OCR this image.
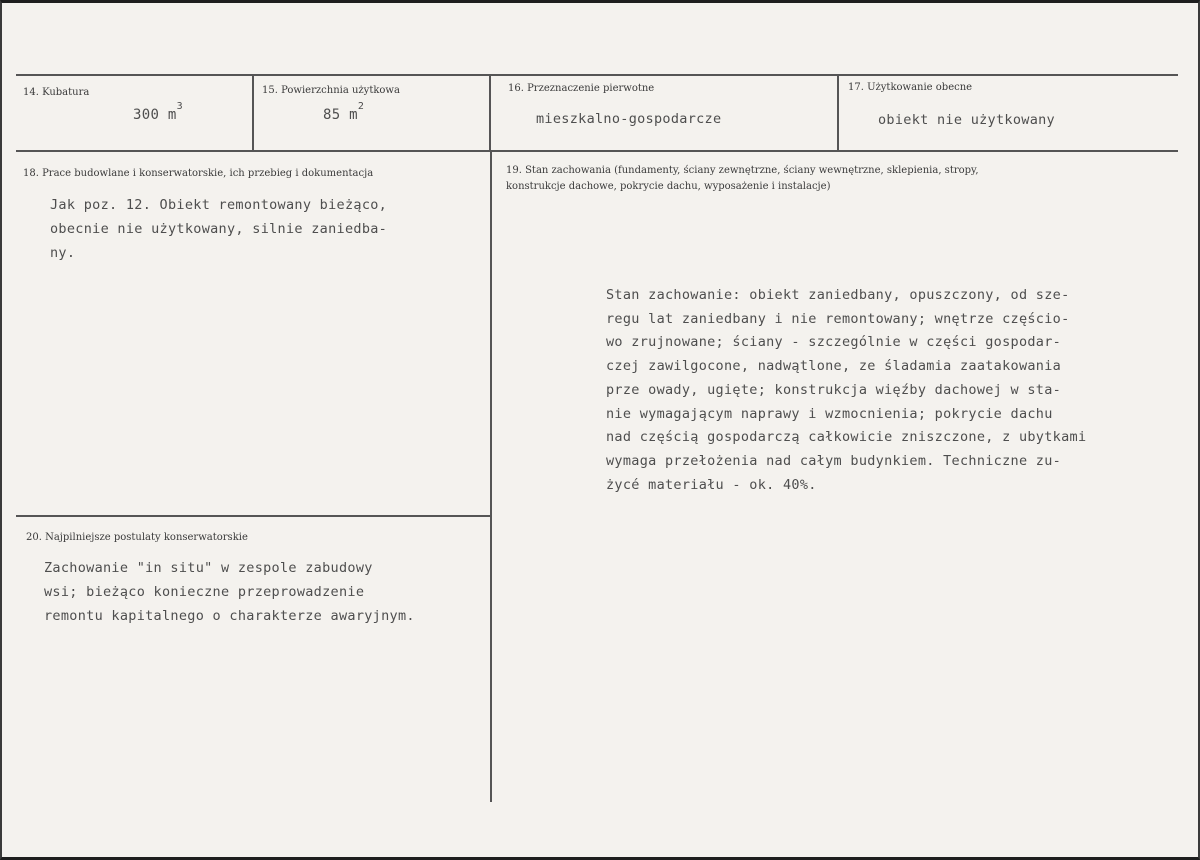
14. Kubatura
300 $m^3$
15. Powierzchnia użytkowa
85 $m^2$
16. Przeznaczenie pierwotne
mieszkalno-gospodarcze
17. Użytkowanie obecne
obiekt nie użytkowany
18. Prace budowlane i konserwatorskie, ich przebieg i dokumentacja
Jak poz. 12. Obiekt remontowany bieżąco,
obecnie nie użytkowany, silnie zaniedba-
ny.
19. Stan zachowania (fundamenty, ściany zewnętrzne, ściany wewnętrzne, sklepienia, stropy,
konstrukcje dachowe, pokrycie dachu, wyposażenie i instalacje)
Stan zachowanie: obiekt zaniedbany, opuszczony, od sze-
regu lat zaniedbany i nie remontowany; wnętrze częścio-
wo zrujnowane; ściany - szczególnie w części gospodar-
czej zawilgocone, nadwątlone, ze śladamia zaatakowania
prze owady, ugięte; konstrukcja więźby dachowej w sta-
nie wymagającym naprawy i wzmocnienia; pokrycie dachu
nad częścią gospodarczą całkowicie zniszczone, z ubytkami
wymaga przełożenia nad całym budynkiem. Techniczne zu-
życé materiału - ok. 40%.
20. Najpilniejsze postulaty konserwatorskie
Zachowanie "in situ" w zespole zabudowy
wsi; bieżąco konieczne przeprowadzenie
remontu kapitalnego o charakterze awaryjnym.
